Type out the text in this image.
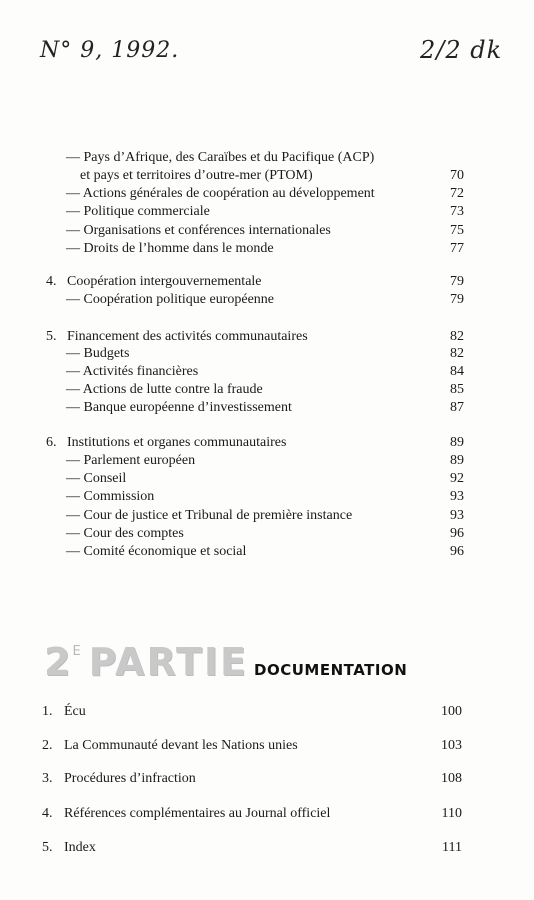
N° 9, 1992.	2/2 dk
— Pays d’Afrique, des Caraïbes et du Pacifique (ACP)
et pays et territoires d’outre-mer (PTOM)	70
— Actions générales de coopération au développement	72
— Politique commerciale	73
— Organisations et conférences internationales	75
— Droits de l’homme dans le monde	77
4. Coopération intergouvernementale	79
— Coopération politique européenne	79
5. Financement des activités communautaires	82
— Budgets	82
— Activités financières	84
— Actions de lutte contre la fraude	85
— Banque européenne d’investissement	87
6. Institutions et organes communautaires	89
— Parlement européen	89
— Conseil	92
— Commission	93
— Cour de justice et Tribunal de première instance	93
— Cour des comptes	96
— Comité économique et social	96
$2^E$ PARTIE DOCUMENTATION
1. Écu	100
2. La Communauté devant les Nations unies	103
3. Procédures d’infraction	108
4. Références complémentaires au Journal officiel	110
5. Index	111
